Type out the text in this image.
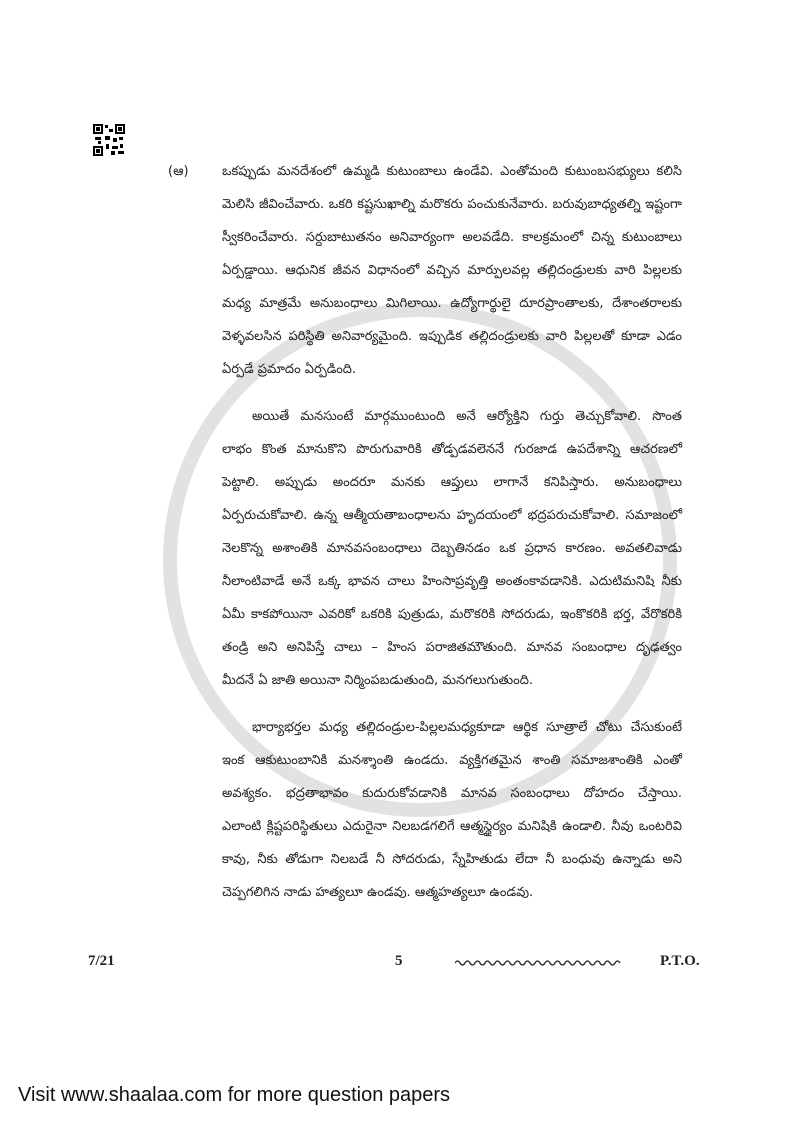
(ఆ)	ఒకప్పుడు మనదేశంలో ఉమ్మడి కుటుంబాలు ఉండేవి. ఎంతోమంది కుటుంబసభ్యులు కలిసి
మెలిసి జీవించేవారు. ఒకరి కష్టసుఖాల్ని మరొకరు పంచుకునేవారు. బరువుబాధ్యతల్ని ఇష్టంగా
స్వీకరించేవారు. సర్దుబాటుతనం అనివార్యంగా అలవడేది. కాలక్రమంలో చిన్న కుటుంబాలు
ఏర్పడ్డాయి. ఆధునిక జీవన విధానంలో వచ్చిన మార్పులవల్ల తల్లిదండ్రులకు వారి పిల్లలకు
మధ్య మాత్రమే అనుబంధాలు మిగిలాయి. ఉద్యోగార్థులై దూరప్రాంతాలకు, దేశాంతరాలకు
వెళ్ళవలసిన పరిస్థితి అనివార్యమైంది. ఇప్పుడిక తల్లిదండ్రులకు వారి పిల్లలతో కూడా ఎడం
ఏర్పడే ప్రమాదం ఏర్పడింది.
అయితే మనసుంటే మార్గముంటుంది అనే ఆర్యోక్తిని గుర్తు తెచ్చుకోవాలి. సొంత
లాభం కొంత మానుకొని పొరుగువారికి తోడ్పడవలెననే గురజాడ ఉపదేశాన్ని ఆచరణలో
పెట్టాలి. అప్పుడు అందరూ మనకు ఆప్తులు లాగానే కనిపిస్తారు. అనుబంధాలు
ఏర్పరుచుకోవాలి. ఉన్న ఆత్మీయతాబంధాలను హృదయంలో భద్రపరుచుకోవాలి. సమాజంలో
నెలకొన్న అశాంతికి మానవసంబంధాలు దెబ్బతినడం ఒక ప్రధాన కారణం. అవతలివాడు
నీలాంటివాడే అనే ఒక్క భావన చాలు హింసాప్రవృత్తి అంతంకావడానికి. ఎదుటిమనిషి నీకు
ఏమీ కాకపోయినా ఎవరికో ఒకరికి పుత్రుడు, మరొకరికి సోదరుడు, ఇంకొకరికి భర్త, వేరొకరికి
తండ్రి అని అనిపిస్తే చాలు – హింస పరాజితమౌతుంది. మానవ సంబంధాల దృఢత్వం
మీదనే ఏ జాతి అయినా నిర్మింపబడుతుంది, మనగలుగుతుంది.
భార్యాభర్తల మధ్య తల్లిదండ్రుల-పిల్లలమధ్యకూడా ఆర్థిక సూత్రాలే చోటు చేసుకుంటే
ఇంక ఆకుటుంబానికి మనశ్శాంతి ఉండదు. వ్యక్తిగతమైన శాంతి సమాజశాంతికి ఎంతో
అవశ్యకం. భద్రతాభావం కుదురుకోవడానికి మానవ సంబంధాలు దోహదం చేస్తాయి.
ఎలాంటి క్లిష్టపరిస్థితులు ఎదురైనా నిలబడగలిగే ఆత్మస్థైర్యం మనిషికి ఉండాలి. నీవు ఒంటరివి
కావు, నీకు తోడుగా నిలబడే నీ సోదరుడు, స్నేహితుడు లేదా నీ బంధువు ఉన్నాడు అని
చెప్పగలిగిన నాడు హత్యలూ ఉండవు. ఆత్మహత్యలూ ఉండవు.
7/21	5	P.T.O.
Visit www.shaalaa.com for more question papers
